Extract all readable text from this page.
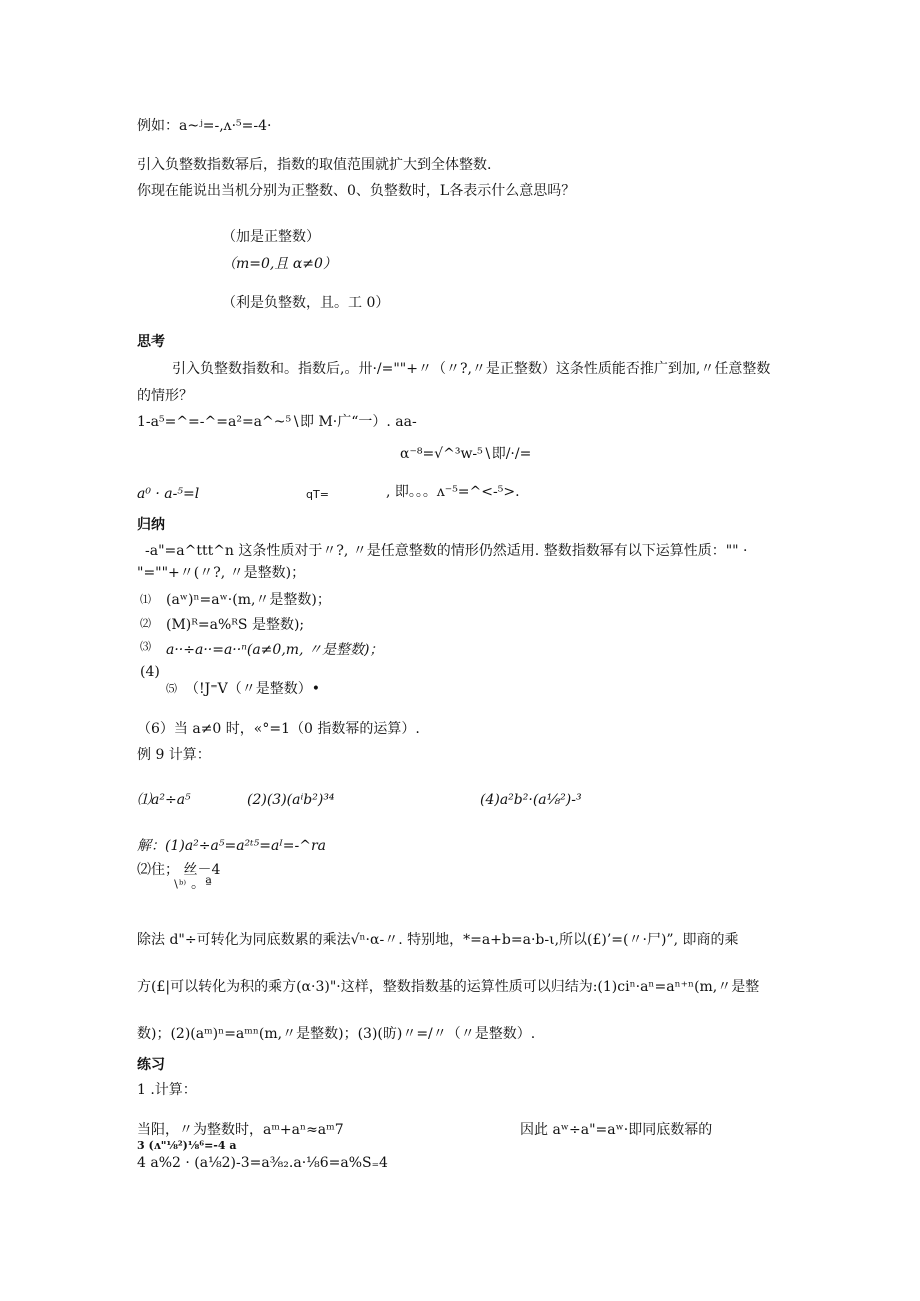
例如：a~ʲ=-,ʌ·⁵=-4·
引入负整数指数幂后，指数的取值范围就扩大到全体整数.
你现在能说出当机分别为正整数、0、负整数时，L各表示什么意思吗？
（加是正整数）
（m=0,且 α≠0）
（利是负整数，且。工 0）
思考
引入负整数指数和。指数后,。卅·/=""+〃（〃?,〃是正整数）这条性质能否推广到加,〃任意整数
的情形？
1-a⁵=^=-^=a²=a^~⁵∖即 M·广“一）. aa-
α⁻⁸=√^³w-⁵∖即/·/=
a⁰ · a-⁵=l	qT=	, 即。。。ʌ⁻⁵=^<-⁵>.
归纳
-a"=a^ttt^n 这条性质对于〃?, 〃是任意整数的情形仍然适用. 整数指数幂有以下运算性质："" ·
"=""+〃(〃?, 〃是整数)；
⑴ (aʷ)ⁿ=aʷ·(m,〃是整数)；
⑵ (M)ᴿ=a%ᴿS 是整数);
⑶ a··÷a··=a··ⁿ(a≠0,m, 〃是整数)；
(4)
⑸ （!J⁼V（〃是整数）•
（6）当 a≠0 时，«°=1（0 指数幂的运算）.
例 9 计算：
⑴a²÷a⁵	(2)(3)(aⁱb²)³⁴	(4)a²b²·(a¹⁄₈²)-³
解：(1)a²÷a⁵=a²ᵗ⁵=aᴵ=-^ra
⑵住； 丝－4
∖ᵇ⁾ 。ª
除法 d"÷可转化为同底数累的乘法√ⁿ·α-〃. 特别地，*=a+b=a·b-ι,所以(£)’=(〃·尸)”, 即商的乘
方(£|可以转化为积的乘方(α·3)"·这样，整数指数基的运算性质可以归结为:(1)ciⁿ·aⁿ=aⁿ⁺ⁿ(m,〃是整
数)；(2)(aᵐ)ⁿ=aᵐⁿ(m,〃是整数)；(3)(昉)〃=/〃（〃是整数）.
练习
1 .计算：
当阳，〃为整数时，aᵐ+aⁿ≈aᵐ7	因此 aʷ÷a"=aʷ·即同底数幂的
3 (ʌ"⅛²)⅛⁶=-4 a
4 a%2 · (a⅛2)-3=a³⁄₈₂.a·⅛6=a%S₌4
